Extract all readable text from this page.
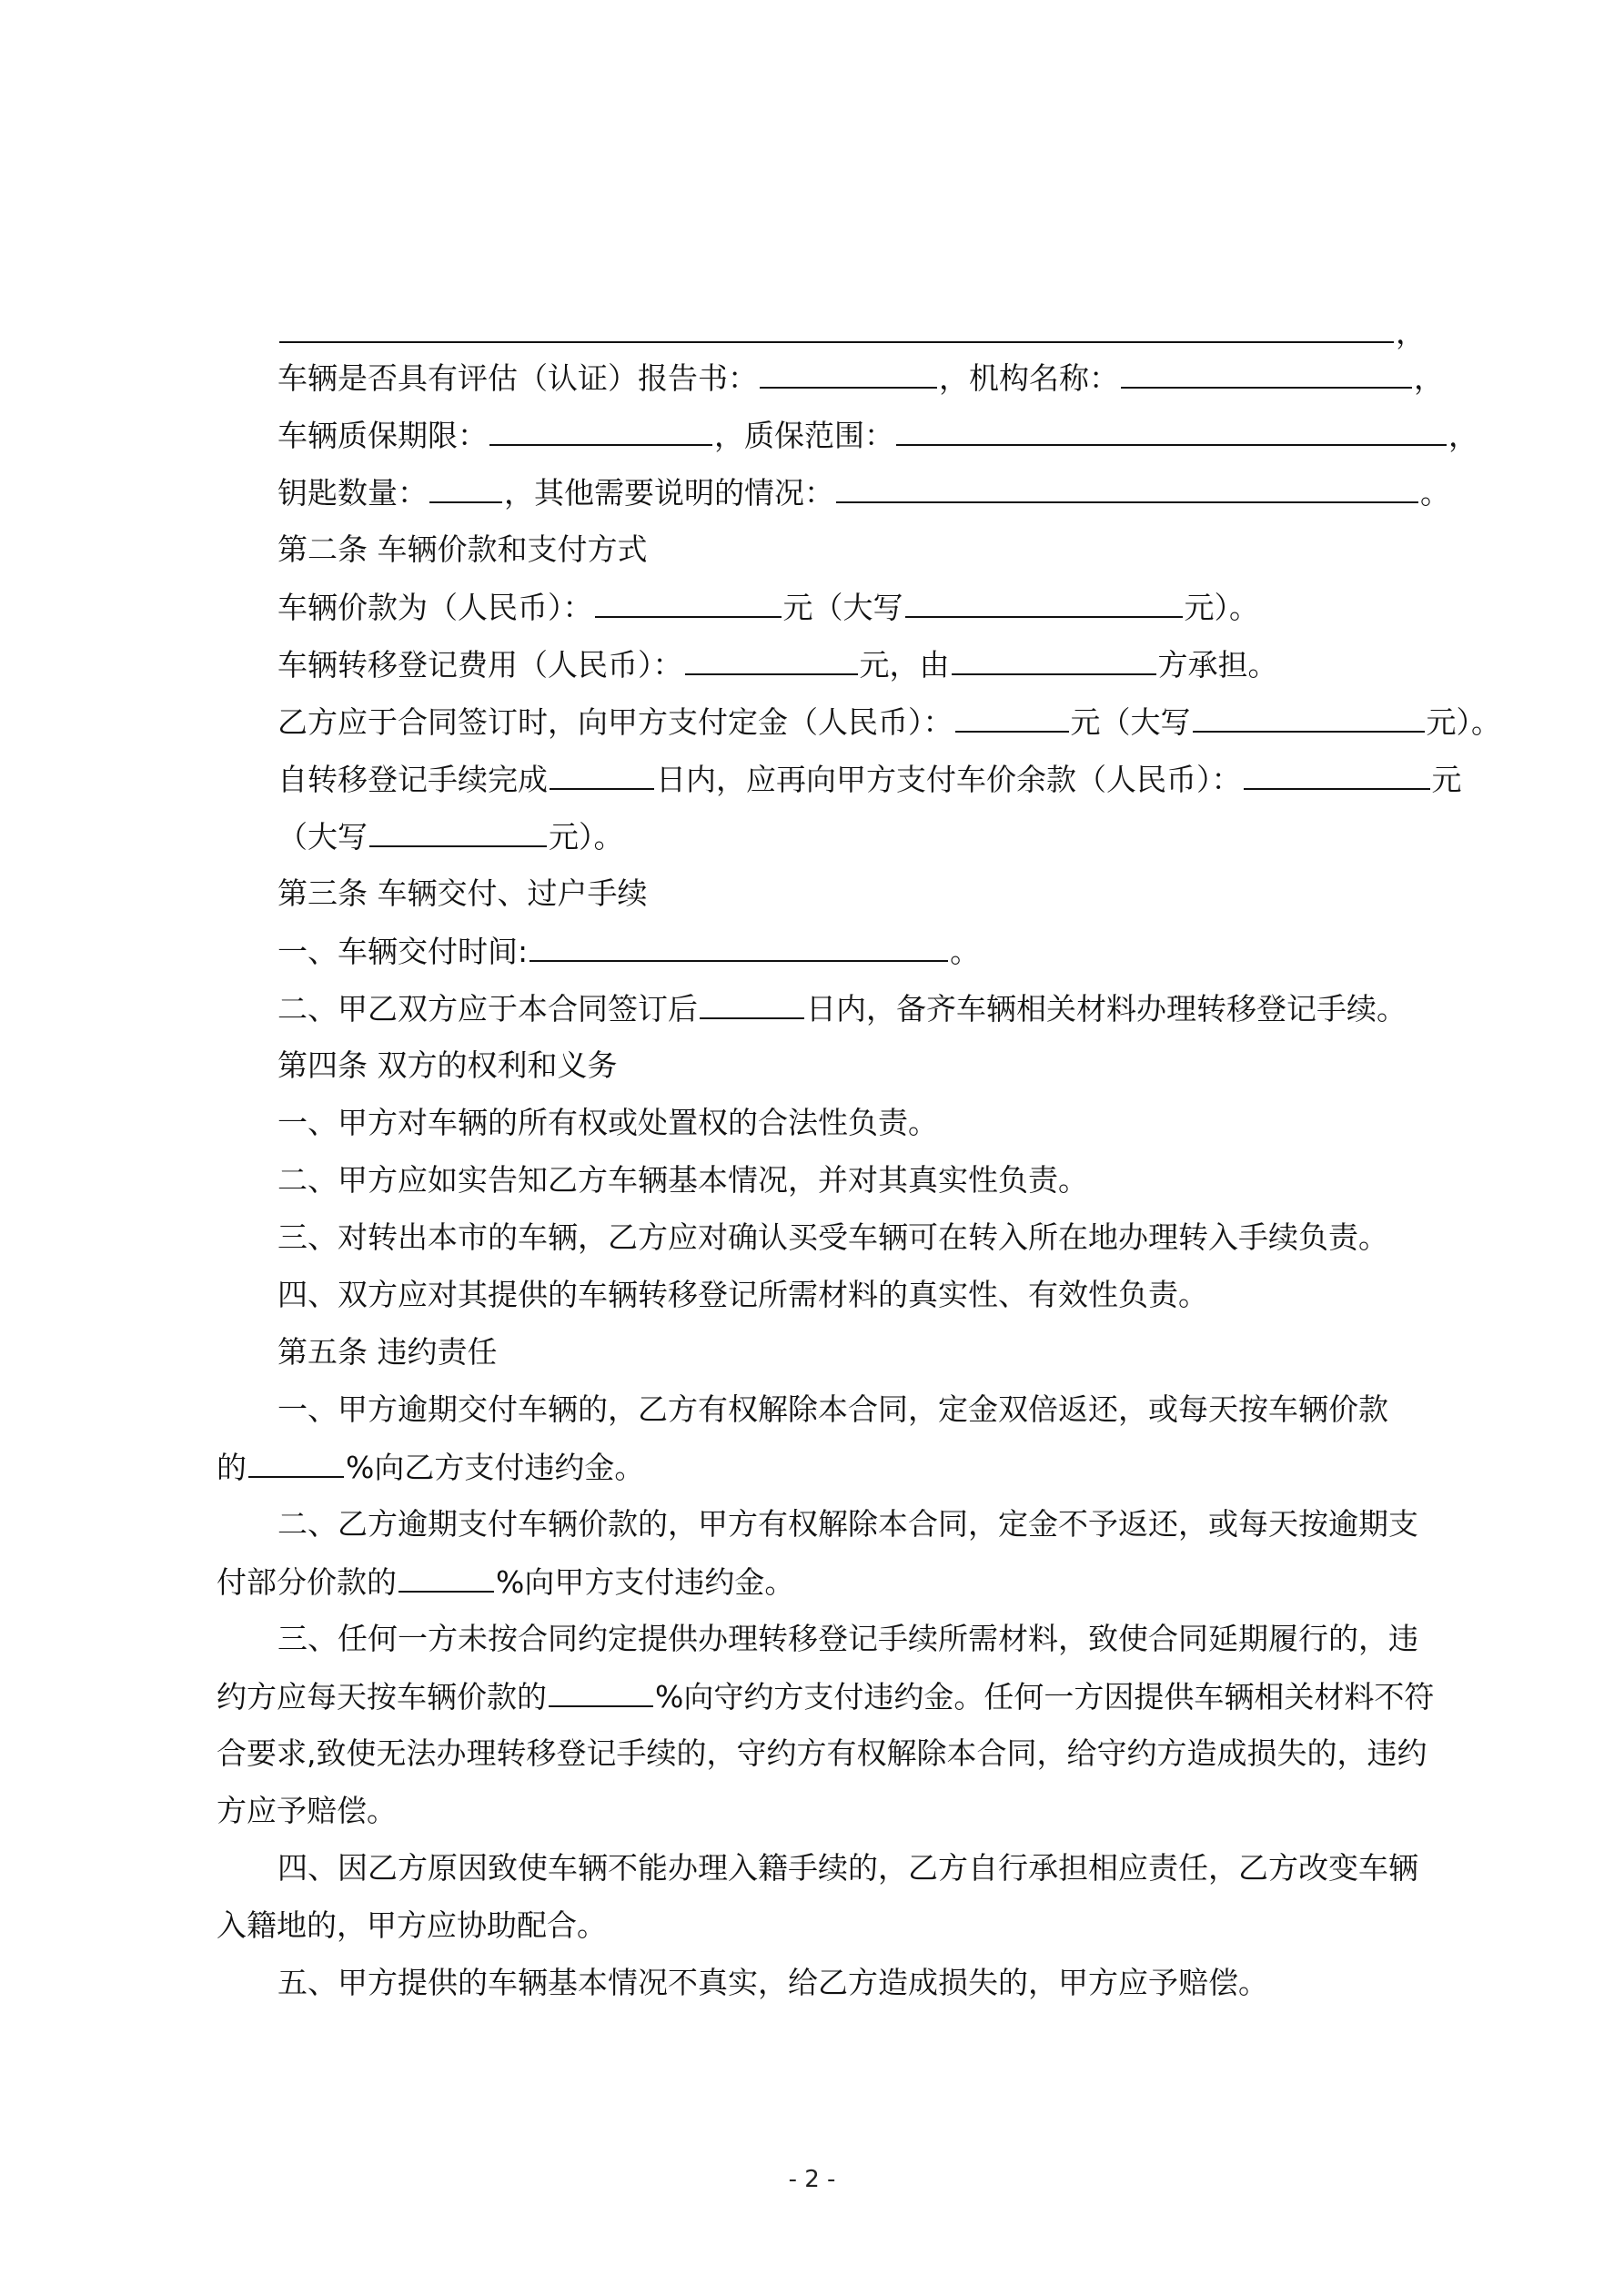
，
车辆是否具有评估（认证）报告书：	，机构名称：	，
车辆质保期限：	，质保范围：	，
钥匙数量：	，其他需要说明的情况：	。
第二条 车辆价款和支付方式
车辆价款为（人民币）：	元（大写	元）。
车辆转移登记费用（人民币）：	元，由	方承担。
乙方应于合同签订时，向甲方支付定金（人民币）：	元（大写	元）。
自转移登记手续完成	日内，应再向甲方支付车价余款（人民币）：	元
（大写	元）。
第三条 车辆交付、过户手续
一、车辆交付时间:	。
二、甲乙双方应于本合同签订后	日内，备齐车辆相关材料办理转移登记手续。
第四条 双方的权利和义务
一、甲方对车辆的所有权或处置权的合法性负责。
二、甲方应如实告知乙方车辆基本情况，并对其真实性负责。
三、对转出本市的车辆，乙方应对确认买受车辆可在转入所在地办理转入手续负责。
四、双方应对其提供的车辆转移登记所需材料的真实性、有效性负责。
第五条 违约责任
一、甲方逾期交付车辆的，乙方有权解除本合同，定金双倍返还，或每天按车辆价款
的	%向乙方支付违约金。
二、乙方逾期支付车辆价款的，甲方有权解除本合同，定金不予返还，或每天按逾期支
付部分价款的	%向甲方支付违约金。
三、任何一方未按合同约定提供办理转移登记手续所需材料，致使合同延期履行的，违
约方应每天按车辆价款的	%向守约方支付违约金。任何一方因提供车辆相关材料不符
合要求,致使无法办理转移登记手续的，守约方有权解除本合同，给守约方造成损失的，违约
方应予赔偿。
四、因乙方原因致使车辆不能办理入籍手续的，乙方自行承担相应责任，乙方改变车辆
入籍地的，甲方应协助配合。
五、甲方提供的车辆基本情况不真实，给乙方造成损失的，甲方应予赔偿。
- 2 -
